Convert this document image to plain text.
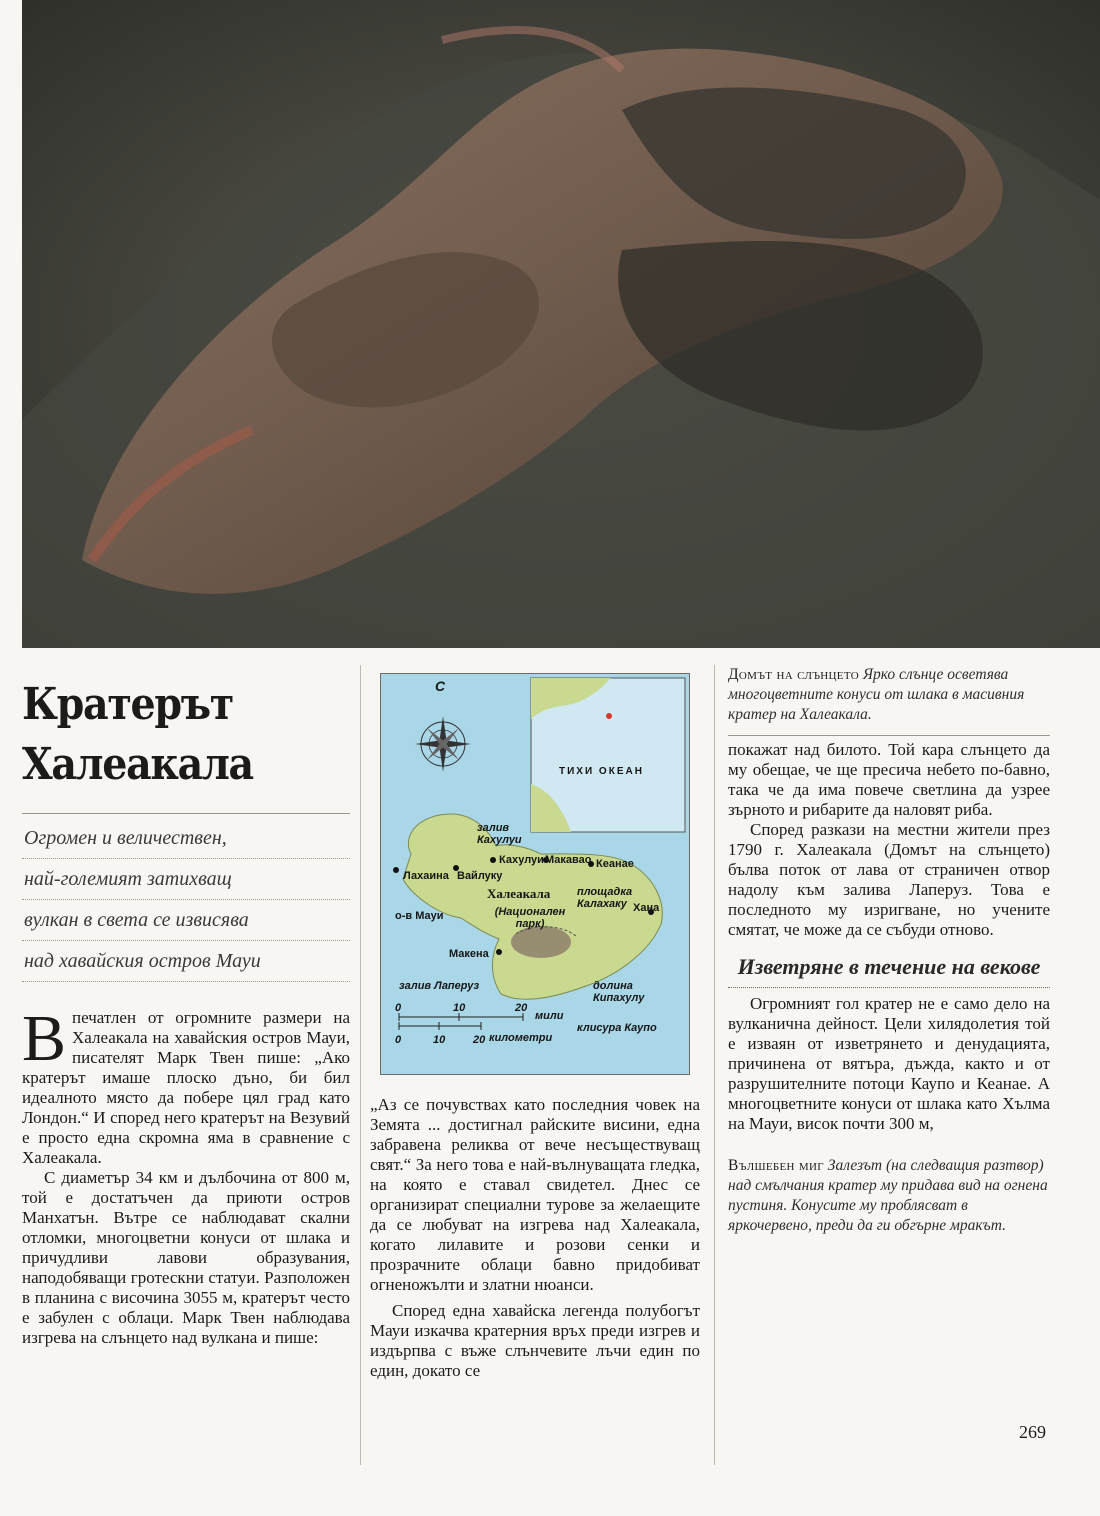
Кратерът
Халеакала
Огромен и величествен,
най-големият затихващ
вулкан в света се извисява
над хавайския остров Мауи

Впечатлен от огромните размери на Халеакала на хавайския остров Мауи, писателят Марк Твен пише: „Ако кратерът имаше плоско дъно, би бил идеалното място да побере цял град като Лондон.“ И според него кратерът на Везувий е просто една скромна яма в сравнение с Халеакала.

С диаметър 34 км и дълбочина от 800 м, той е достатъчен да приюти остров Манхатън. Вътре се наблюдават скални отломки, многоцветни конуси от шлака и причудливи лавови образувания, наподобяващи гротескни статуи. Разположен в планина с височина 3055 м, кратерът често е забулен с облаци. Марк Твен наблюдава изгрева на слънцето над вулкана и пише:

С
ТИХИ ОКЕАН
залив Кахулуи
Лахаина Вайлуку
Кахулуи Макавао Кеанае
Хана
Макена
Халеакала
(Национален парк)
площадка Калахаку
о-в Мауи
залив Лаперуз	долина Кипахулу
клисура Каупо
0	10	20
мили
0	10	20 километри

„Аз се почувствах като последния човек на Земята ... достигнал райските висини, една забравена реликва от вече несъществуващ свят.“ За него това е най-вълнуващата гледка, на която е ставал свидетел. Днес се организират специални турове за желаещите да се любуват на изгрева над Халеакала, когато лилавите и розови сенки и прозрачните облаци бавно придобиват огненожълти и златни нюанси.

Според една хавайска легенда полубогът Мауи изкачва кратерния връх преди изгрев и издърпва с въже слънчевите лъчи един по един, докато се

Домът на слънцето Ярко слънце осветява многоцветните конуси от шлака в масивния кратер на Халеакала.

покажат над билото. Той кара слънцето да му обещае, че ще пресича небето по-бавно, така че да има повече светлина да узрее зърното и рибарите да наловят риба.

Според разкази на местни жители през 1790 г. Халеакала (Домът на слънцето) бълва поток от лава от страничен отвор надолу към залива Лаперуз. Това е последното му изригване, но учените смятат, че може да се събуди отново.

Изветряне в течение на векове

Огромният гол кратер не е само дело на вулканична дейност. Цели хилядолетия той е изваян от изветрянето и денудацията, причинена от вятъра, дъжда, както и от разрушителните потоци Каупо и Кеанае. А многоцветните конуси от шлака като Хълма на Мауи, висок почти 300 м,

Вълшебен миг Залезът (на следващия разтвор) над смълчания кратер му придава вид на огнена пустиня. Конусите му проблясват в яркочервено, преди да ги обгърне мракът.
269
